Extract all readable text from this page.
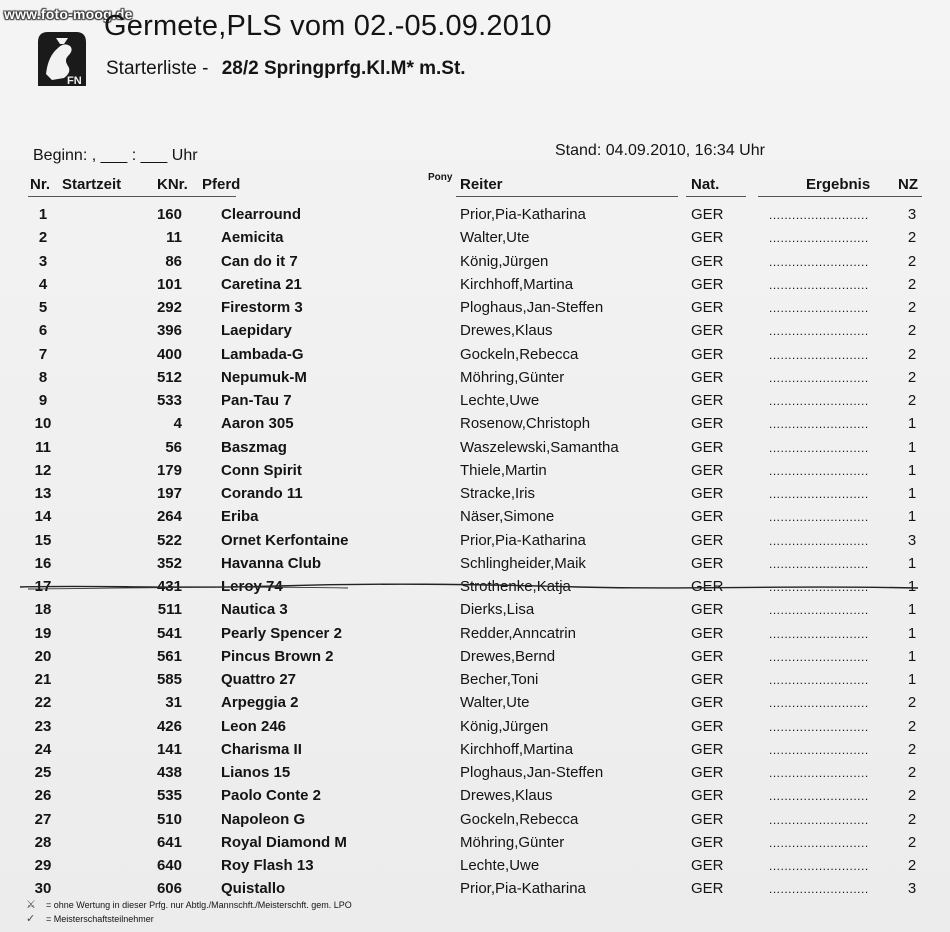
www.foto-moog.de
FN
Germete,PLS vom 02.-05.09.2010
Starterliste - 28/2 Springprfg.Kl.M* m.St.
Beginn: , ___ : ___ Uhr	Stand: 04.09.2010, 16:34 Uhr
Nr. Startzeit KNr. Pferd	Pony Reiter	Nat.	Ergebnis NZ
1	160	Clearround	Prior,Pia-Katharina	GER	..........................	3
2	11	Aemicita	Walter,Ute	GER	..........................	2
3	86	Can do it 7	König,Jürgen	GER	..........................	2
4	101	Caretina 21	Kirchhoff,Martina	GER	..........................	2
5	292	Firestorm 3	Ploghaus,Jan-Steffen	GER	..........................	2
6	396	Laepidary	Drewes,Klaus	GER	..........................	2
7	400	Lambada-G	Gockeln,Rebecca	GER	..........................	2
8	512	Nepumuk-M	Möhring,Günter	GER	..........................	2
9	533	Pan-Tau 7	Lechte,Uwe	GER	..........................	2
10	4	Aaron 305	Rosenow,Christoph	GER	..........................	1
11	56	Baszmag	Waszelewski,Samantha	GER	..........................	1
12	179	Conn Spirit	Thiele,Martin	GER	..........................	1
13	197	Corando 11	Stracke,Iris	GER	..........................	1
14	264	Eriba	Näser,Simone	GER	..........................	1
15	522	Ornet Kerfontaine	Prior,Pia-Katharina	GER	..........................	3
16	352	Havanna Club	Schlingheider,Maik	GER	..........................	1
17	431	Leroy 74	Strothenke,Katja	GER	..........................	1
18	511	Nautica 3	Dierks,Lisa	GER	..........................	1
19	541	Pearly Spencer 2	Redder,Anncatrin	GER	..........................	1
20	561	Pincus Brown 2	Drewes,Bernd	GER	..........................	1
21	585	Quattro 27	Becher,Toni	GER	..........................	1
22	31	Arpeggia 2	Walter,Ute	GER	..........................	2
23	426	Leon 246	König,Jürgen	GER	..........................	2
24	141	Charisma II	Kirchhoff,Martina	GER	..........................	2
25	438	Lianos 15	Ploghaus,Jan-Steffen	GER	..........................	2
26	535	Paolo Conte 2	Drewes,Klaus	GER	..........................	2
27	510	Napoleon G	Gockeln,Rebecca	GER	..........................	2
28	641	Royal Diamond M	Möhring,Günter	GER	..........................	2
29	640	Roy Flash 13	Lechte,Uwe	GER	..........................	2
30	606	Quistallo	Prior,Pia-Katharina	GER	..........................	3
⚔ = ohne Wertung in dieser Prfg. nur Abtlg./Mannschft./Meisterschft. gem. LPO
✓ = Meisterschaftsteilnehmer
